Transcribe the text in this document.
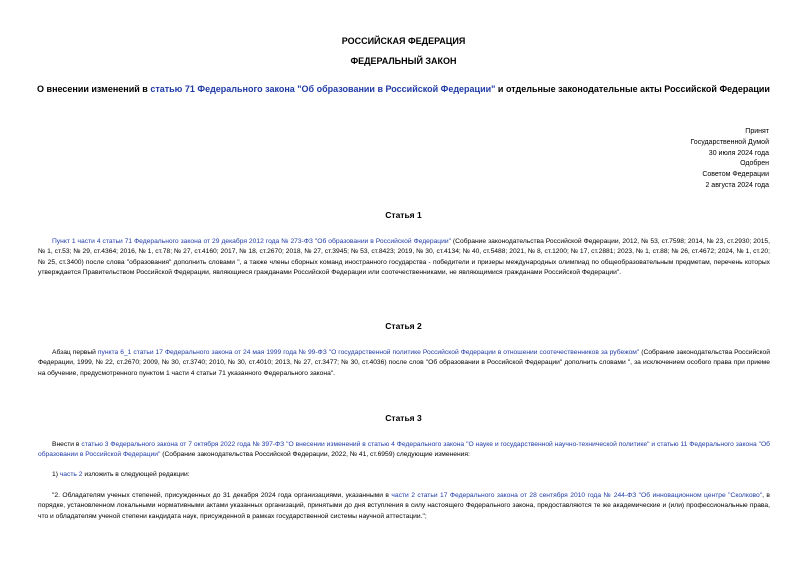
РОССИЙСКАЯ ФЕДЕРАЦИЯ
ФЕДЕРАЛЬНЫЙ ЗАКОН
О внесении изменений в статью 71 Федерального закона "Об образовании в Российской Федерации" и отдельные законодательные акты Российской Федерации
Принят
Государственной Думой
30 июля 2024 года
Одобрен
Советом Федерации
2 августа 2024 года
Статья 1
Пункт 1 части 4 статьи 71 Федерального закона от 29 декабря 2012 года № 273-ФЗ "Об образовании в Российской Федерации" (Собрание законодательства Российской Федерации, 2012, № 53, ст.7598; 2014, № 23, ст.2930; 2015, № 1, ст.53; № 29, ст.4364; 2016, № 1, ст.78; № 27, ст.4160; 2017, № 18, ст.2670; 2018, № 27, ст.3945; № 53, ст.8423; 2019, № 30, ст.4134; № 40, ст.5488; 2021, № 8, ст.1200; № 17, ст.2881; 2023, № 1, ст.88; № 26, ст.4672; 2024, № 1, ст.20; № 25, ст.3400) после слова "образования" дополнить словами ", а также члены сборных команд иностранного государства - победители и призеры международных олимпиад по общеобразовательным предметам, перечень которых утверждается Правительством Российской Федерации, являющиеся гражданами Российской Федерации или соотечественниками, не являющимися гражданами Российской Федерации".
Статья 2
Абзац первый пункта 6_1 статьи 17 Федерального закона от 24 мая 1999 года № 99-ФЗ "О государственной политике Российской Федерации в отношении соотечественников за рубежом" (Собрание законодательства Российской Федерации, 1999, № 22, ст.2670; 2009, № 30, ст.3740; 2010, № 30, ст.4010; 2013, № 27, ст.3477; № 30, ст.4036) после слов "Об образовании в Российской Федерации" дополнить словами ", за исключением особого права при приеме на обучение, предусмотренного пунктом 1 части 4 статьи 71 указанного Федерального закона".
Статья 3
Внести в статью 3 Федерального закона от 7 октября 2022 года № 397-ФЗ "О внесении изменений в статью 4 Федерального закона "О науке и государственной научно-технической политике" и статью 11 Федерального закона "Об образовании в Российской Федерации" (Собрание законодательства Российской Федерации, 2022, № 41, ст.6959) следующие изменения:
1) часть 2 изложить в следующей редакции:
"2. Обладателям ученых степеней, присужденных до 31 декабря 2024 года организациями, указанными в части 2 статьи 17 Федерального закона от 28 сентября 2010 года № 244-ФЗ "Об инновационном центре "Сколково", в порядке, установленном локальными нормативными актами указанных организаций, принятыми до дня вступления в силу настоящего Федерального закона, предоставляются те же академические и (или) профессиональные права, что и обладателям ученой степени кандидата наук, присужденной в рамках государственной системы научной аттестации.";
